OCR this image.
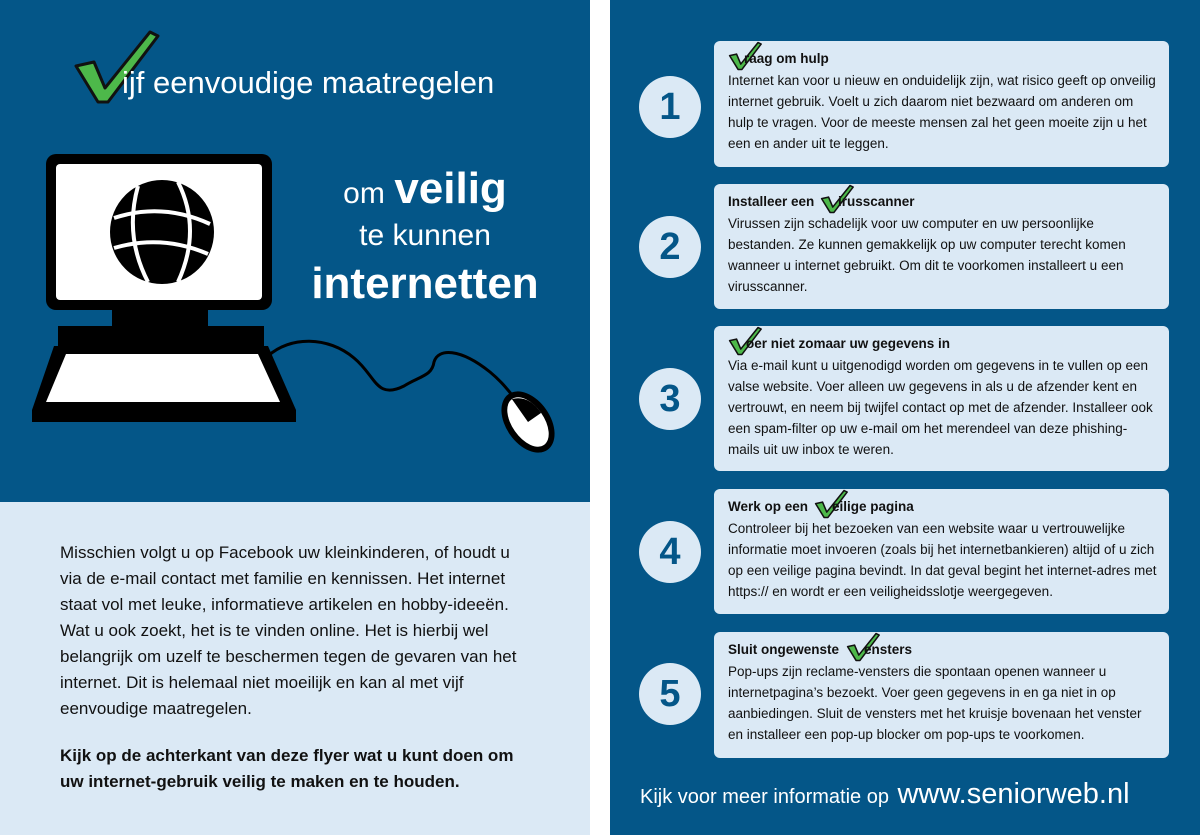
ijf eenvoudige maatregelen
om veilig
te kunnen
internetten

Misschien volgt u op Facebook uw kleinkinderen, of houdt u via de e-mail contact met familie en kennissen. Het internet staat vol met leuke, informatieve artikelen en hobby-ideeën. Wat u ook zoekt, het is te vinden online. Het is hierbij wel belangrijk om uzelf te beschermen tegen de gevaren van het internet. Dit is helemaal niet moeilijk en kan al met vijf eenvoudige maatregelen.

Kijk op de achterkant van deze flyer wat u kunt doen om uw internet-gebruik veilig te maken en te houden.

1
raag om hulp

Internet kan voor u nieuw en onduidelijk zijn, wat risico geeft op onveilig internet gebruik. Voelt u zich daarom niet bezwaard om anderen om hulp te vragen. Voor de meeste mensen zal het geen moeite zijn u het een en ander uit te leggen.

2
Installeer een irusscanner

Virussen zijn schadelijk voor uw computer en uw persoonlijke bestanden. Ze kunnen gemakkelijk op uw computer terecht komen wanneer u internet gebruikt. Om dit te voorkomen installeert u een virusscanner.

3
oer niet zomaar uw gegevens in

Via e-mail kunt u uitgenodigd worden om gegevens in te vullen op een valse website. Voer alleen uw gegevens in als u de afzender kent en vertrouwt, en neem bij twijfel contact op met de afzender. Installeer ook een spam-filter op uw e-mail om het merendeel van deze phishing-mails uit uw inbox te weren.

4
Werk op een eilige pagina

Controleer bij het bezoeken van een website waar u vertrouwelijke informatie moet invoeren (zoals bij het internetbankieren) altijd of u zich op een veilige pagina bevindt. In dat geval begint het internet-adres met https:// en wordt er een veiligheidsslotje weergegeven.

5
Sluit ongewenste ensters

Pop-ups zijn reclame-vensters die spontaan openen wanneer u internetpagina’s bezoekt. Voer geen gegevens in en ga niet in op aanbiedingen. Sluit de vensters met het kruisje bovenaan het venster en installeer een pop-up blocker om pop-ups te voorkomen.

Kijk voor meer informatie op www.seniorweb.nl
